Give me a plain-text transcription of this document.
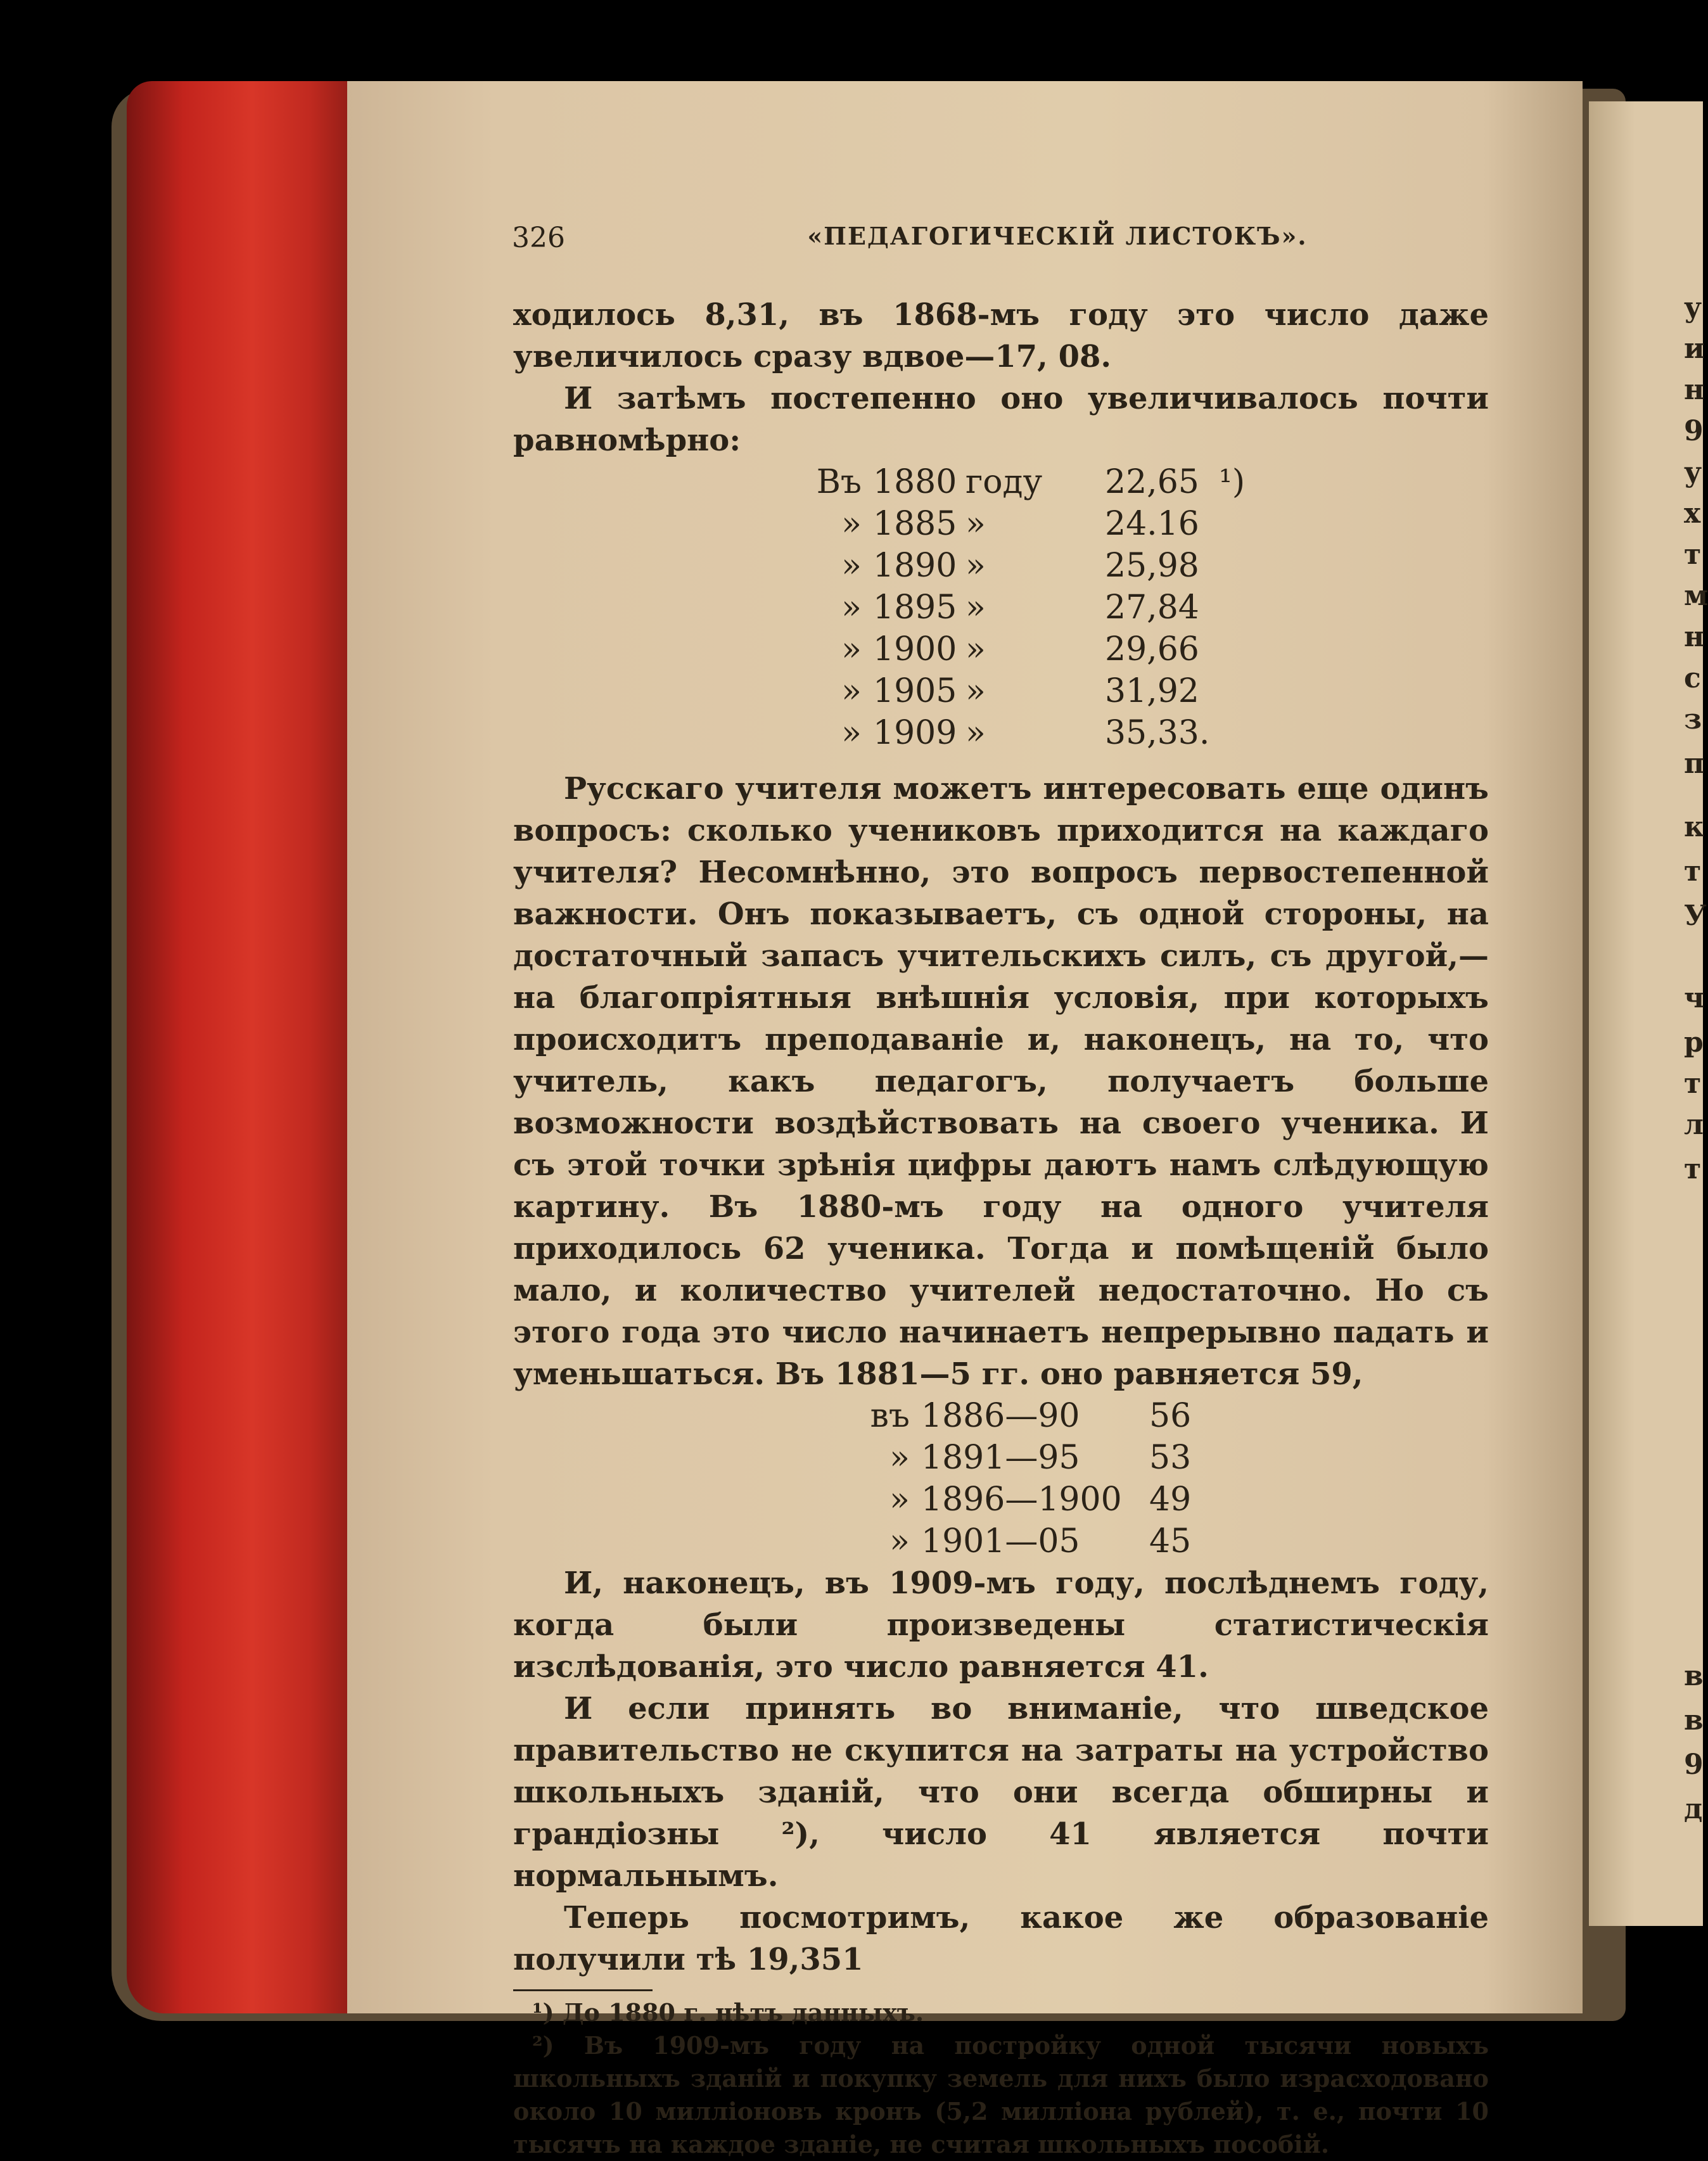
у
и
н
9
у
х
т
м
н
с
з
п
к
т
У
ч
р
т
л
т
в
в
9
д
326	«ПЕДАГОГИЧЕСКІЙ ЛИСТОКЪ».

ходилось 8,31, въ 1868-мъ году это число даже увеличилось сразу вдвое—17, 08.

И затѣмъ постепенно оно увеличивалось почти равномѣрно:

Въ	1880	году	22,65	¹)
»	1885	»	24.16	
»	1890	»	25,98	
»	1895	»	27,84	
»	1900	»	29,66	
»	1905	»	31,92	
»	1909	»	35,33.	

Русскаго учителя можетъ интересовать еще одинъ вопросъ: сколько учениковъ приходится на каждаго учителя? Несомнѣнно, это вопросъ первостепенной важности. Онъ показываетъ, съ одной стороны, на достаточный запасъ учительскихъ силъ, съ другой,—на благопріятныя внѣшнія условія, при которыхъ происходитъ преподаваніе и, наконецъ, на то, что учитель, какъ педагогъ, получаетъ больше возможности воздѣйствовать на своего ученика. И съ этой точки зрѣнія цифры даютъ намъ слѣдующую картину. Въ 1880-мъ году на одного учителя приходилось 62 ученика. Тогда и помѣщеній было мало, и количество учителей недостаточно. Но съ этого года это число начинаетъ непрерывно падать и уменьшаться. Въ 1881—5 гг. оно равняется 59,

въ	1886—90	56
»	1891—95	53
»	1896—1900	49
»	1901—05	45

И, наконецъ, въ 1909-мъ году, послѣднемъ году, когда были произведены статистическія изслѣдованія, это число равняется 41.

И если принять во вниманіе, что шведское правительство не скупится на затраты на устройство школьныхъ зданій, что они всегда обширны и грандіозны ²), число 41 является почти нормальнымъ.

Теперь посмотримъ, какое же образованіе получили тѣ 19,351

¹) До 1880 г. нѣтъ данныхъ.

²) Въ 1909-мъ году на постройку одной тысячи новыхъ школьныхъ зданій и покупку земель для нихъ было израсходовано около 10 милліоновъ кронъ (5,2 милліона рублей), т. е., почти 10 тысячъ на каждое зданіе, не считая школьныхъ пособій.
